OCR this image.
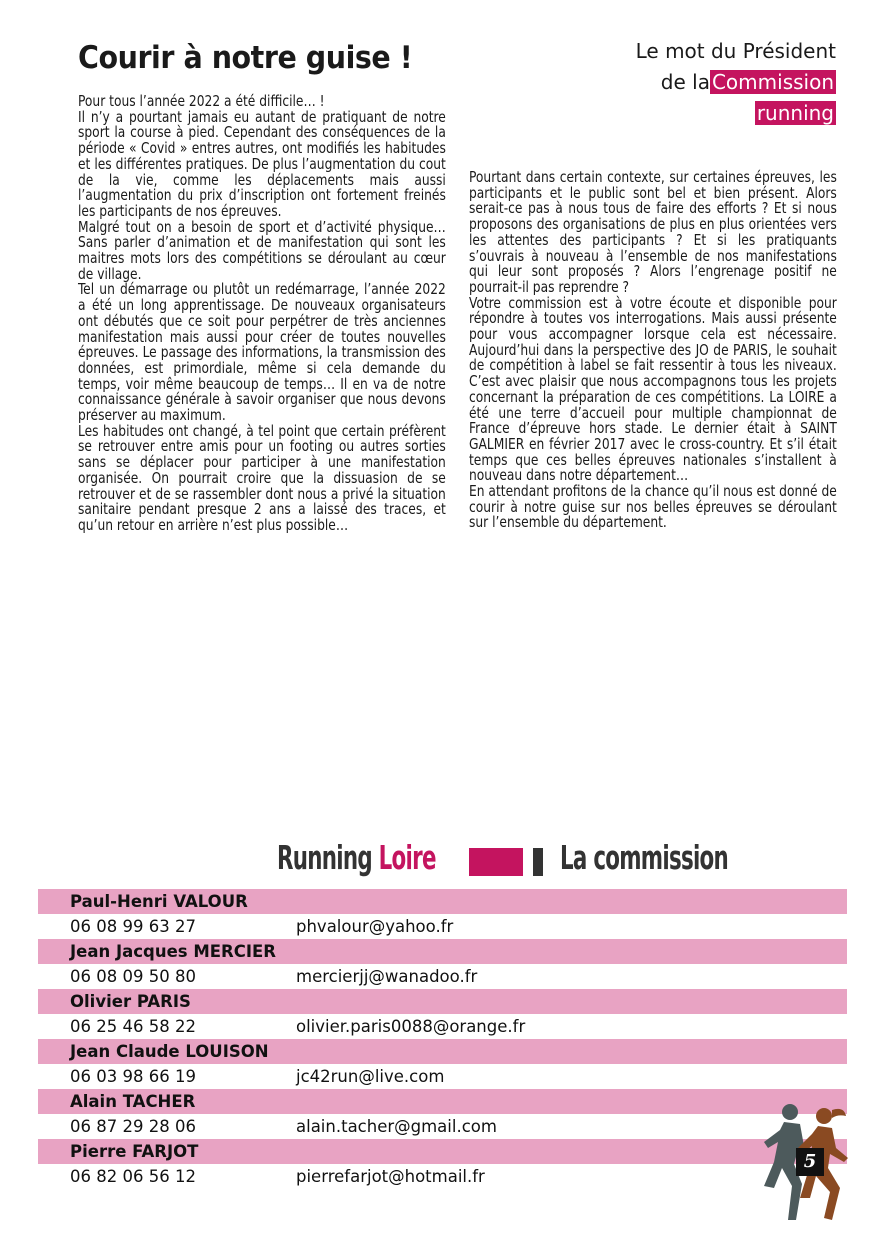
Courir à notre guise !	Le mot du Président
de la Commission
running

Pour tous l’année 2022 a été difficile… !

Il n’y a pourtant jamais eu autant de pratiquant de notre sport la course à pied. Cependant des conséquences de la période « Covid » entres autres, ont modifiés les habitudes et les différentes pratiques. De plus l’augmentation du cout de la vie, comme les déplacements mais aussi l’augmentation du prix d’inscription ont fortement freinés les participants de nos épreuves.

Malgré tout on a besoin de sport et d’activité physique… Sans parler d’animation et de manifestation qui sont les maitres mots lors des compétitions se déroulant au cœur de village.

Tel un démarrage ou plutôt un redémarrage, l’année 2022 a été un long apprentissage. De nouveaux organisateurs ont débutés que ce soit pour perpétrer de très anciennes manifestation mais aussi pour créer de toutes nouvelles épreuves. Le passage des informations, la transmission des données, est primordiale, même si cela demande du temps, voir même beaucoup de temps… Il en va de notre connaissance générale à savoir organiser que nous devons préserver au maximum.

Les habitudes ont changé, à tel point que certain préfèrent se retrouver entre amis pour un footing ou autres sorties sans se déplacer pour participer à une manifestation organisée. On pourrait croire que la dissuasion de se retrouver et de se rassembler dont nous a privé la situation sanitaire pendant presque 2 ans a laissé des traces, et qu’un retour en arrière n’est plus possible…

Pourtant dans certain contexte, sur certaines épreuves, les participants et le public sont bel et bien présent. Alors serait-ce pas à nous tous de faire des efforts ? Et si nous proposons des organisations de plus en plus orientées vers les attentes des participants ? Et si les pratiquants s’ouvrais à nouveau à l’ensemble de nos manifestations qui leur sont proposés ? Alors l’engrenage positif ne pourrait-il pas reprendre ?

Votre commission est à votre écoute et disponible pour répondre à toutes vos interrogations. Mais aussi présente pour vous accompagner lorsque cela est nécessaire. Aujourd’hui dans la perspective des JO de PARIS, le souhait de compétition à label se fait ressentir à tous les niveaux. C’est avec plaisir que nous accompagnons tous les projets concernant la préparation de ces compétitions. La LOIRE a été une terre d’accueil pour multiple championnat de France d’épreuve hors stade. Le dernier était à SAINT GALMIER en février 2017 avec le cross-country. Et s’il était temps que ces belles épreuves nationales s’installent à nouveau dans notre département…

En attendant profitons de la chance qu’il nous est donné de courir à notre guise sur nos belles épreuves se déroulant sur l’ensemble du département.

Running Loire	La commission
Paul-Henri VALOUR
06 08 99 63 27	phvalour@yahoo.fr
Jean Jacques MERCIER
06 08 09 50 80	mercierjj@wanadoo.fr
Olivier PARIS
06 25 46 58 22	olivier.paris0088@orange.fr
Jean Claude LOUISON
06 03 98 66 19	jc42run@live.com
Alain TACHER
06 87 29 28 06	alain.tacher@gmail.com
Pierre FARJOT
06 82 06 56 12	pierrefarjot@hotmail.fr
5
